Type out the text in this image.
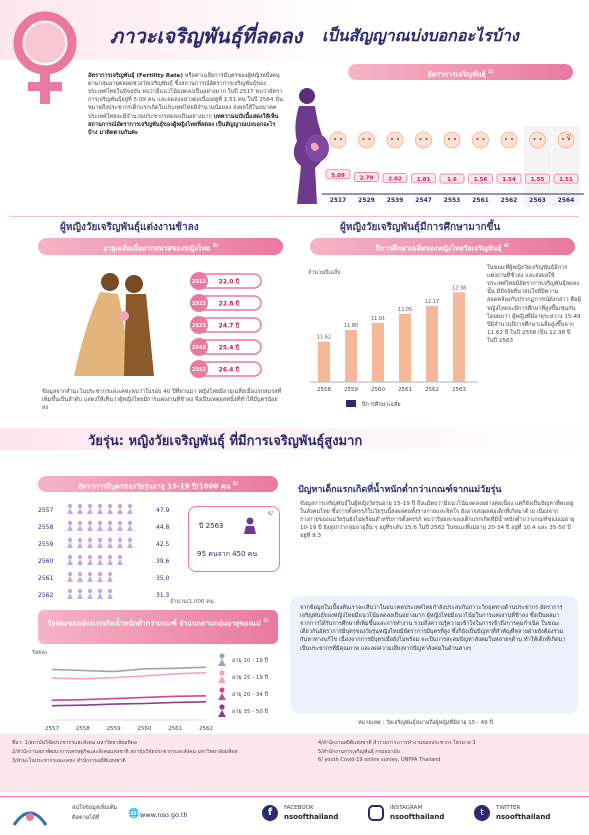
ภาวะเจริญพันธุ์ที่ลดลง เป็นสัญญาณบ่งบอกอะไรบ้าง
อัตราการเจริญพันธุ์ $^{1/}$
อัตราการเจริญพันธุ์ (Fertility Rate) หรือค่าเฉลี่ยการมีบุตรของผู้หญิงหนึ่งคนตามกลุ่มอายุตลอดช่วงวัยเจริญพันธุ์ ซึ่งสถานการณ์อัตราการเจริญพันธุ์ของประเทศไทยในปัจจุบัน พบว่ามีแนวโน้มลดลงเป็นอย่างมาก ในปี 2517 พบว่าอัตราการเจริญพันธุ์อยู่ที่ 5.09 คน และลดลงอย่างต่อเนื่องอยู่ที่ 1.51 คน ในปี 2564 นั่นหมายถึงประชากรเด็กแรกเกิดในประเทศไทยมีจำนวนน้อยลง ส่งผลให้ในอนาคตประเทศไทยจะมีจำนวนประชากรลดลงเป็นอย่างมาก บทความฉบับนี้แสดงให้เห็นสถานการณ์อัตราการเจริญพันธุ์ของผู้หญิงไทยที่ลดลง เป็นสัญญาณบ่งบอกอะไรบ้าง มาติดตามกันค่ะ
5.09
2517
2.79
2529
2.02
2539
1.81
2547
1.6
2553
1.56
2561
1.54
2562
1.55
2563
1.51
2564
2/
ผู้หญิงวัยเจริญพันธุ์แต่งงานช้าลง
อายุเฉลี่ยเมื่อแรกสมรสของหญิงไทย $^{3/}$
2513 22.0 ปี
2523 22.8 ปี
2533 24.7 ปี
2543 25.4 ปี
2553 26.4 ปี
ข้อมูลจากสำมะโนประชากรและเคหะพบว่าในรอบ 40 ปีที่ผ่านมา หญิงไทยมีอายุเฉลี่ยเมื่อแรกสมรสที่เพิ่มขึ้นเป็นลำดับ แสดงให้เห็นว่าผู้หญิงไทยมีการแต่งงานที่ช้าลง จึงเป็นเหตุผลหนึ่งที่ทำให้มีบุตรน้อยลง
ผู้หญิงวัยเจริญพันธุ์มีการศึกษามากขึ้น
ปีการศึกษาเฉลี่ยของหญิงไทยวัยเจริญพันธุ์ $^{4/}$
จำนวนปีเฉลี่ย
11.62
2558
11.80
2559
11.91
2560
12.05
2561
12.17
2562
12.38
2563
ปีการศึกษาเฉลี่ย
ในขณะที่ผู้หญิงวัยเจริญพันธุ์มีการแต่งงานที่ช้าลง และส่งผลให้ประเทศไทยมีอัตราการเจริญพันธุ์ลดลงนั้น มีปัจจัยที่น่าสนใจที่มีความสอดคล้องกับปรากฏการณ์ดังกล่าว คือผู้หญิงไทยจะมีการศึกษาที่สูงขึ้นเช่นกัน โดยพบว่า ผู้หญิงที่มีอายุระหว่าง 15-49 ปีมีจำนวนปีการศึกษาเฉลี่ยสูงขึ้นจาก 11.62 ปี ในปี 2558 เป็น 12.38 ปี ในปี 2563
วัยรุ่น: หญิงวัยเจริญพันธุ์ ที่มีการเจริญพันธุ์สูงมาก
อัตราการมีบุตรของวัยรุ่นอายุ 15-19 ปี/1000 คน $^{5/}$
2557	47.9
2558	44.8
2559	42.5
2560	39.6
2561	35.0
2562	31.3
จำนวน/1,000 คน
ปี 2563
6/
95 คนจาก 450 คน
ร้อยละของเด็กแรกเกิดน้ำหนักต่ำกว่าเกณฑ์ จำแนกตามกลุ่มอายุของแม่ $^{3/}$
ร้อยละ
2557	2558	2559	2560	2561	2562
อายุ 10 - 19 ปี
อายุ 15 - 19 ปี
อายุ 20 - 34 ปี
อายุ 35 - 50 ปี
ปัญหาเด็กแรกเกิดที่น้ำหนักต่ำกว่าเกณฑ์จากแม่วัยรุ่น
ข้อมูลการเจริญพันธุ์ในผู้หญิงวัยรุ่นอายุ 15-19 ปี ถึงแม้พบว่ามีแนวโน้มลดลงอย่างต่อเนื่อง แต่ก็ยังเป็นปัญหาที่พบอยู่ในสังคมไทย ซึ่งการตั้งครรภ์ในวัยรุ่นนี้ส่งผลต่อทั้งร่างกายและจิตใจ ยังอาจส่งผลต่อเด็กที่เกิดมาด้วย เนื่องจากร่างกายของแม่วัยรุ่นยังไม่พร้อมสำหรับการตั้งครรภ์ พบว่าร้อยละของเด็กแรกเกิดที่มีน้ำหนักต่ำกว่าเกณฑ์ของแม่อายุ 10-19 ปี ยังสูงกว่ากลุ่มอายุอื่น ๆ อยู่ที่ระดับ 15.6 ในปี 2562 ในขณะที่แม่อายุ 20-34 ปี อยู่ที่ 10.4 และ 35-50 ปี อยู่ที่ 9.3
จากข้อมูลในเบื้องต้นเราจะเห็นว่าในอนาคตประเทศไทยกำลังประสบกับภาวะวิกฤตทางด้านประชากร อัตราการเจริญพันธุ์ของหญิงไทยมีแนวโน้มลดลงเป็นอย่างมาก ผู้หญิงไทยมีแนวโน้มในการแต่งงานที่ช้าลง ซึ่งเป็นผลมาจากการได้รับการศึกษาที่เพิ่มขึ้นและการทำงาน รวมถึงความรู้ความเข้าใจในการเข้าถึงการคุมกำเนิด ในขณะเดียวกันอัตราการมีบุตรของวัยรุ่นหญิงไทยมีอัตราการมีบุตรที่สูง ซึ่งก็ยังเป็นปัญหาที่สำคัญที่หลายฝ่ายยังต้องร่วมกันหาทางแก้ไข เนื่องจากการมีบุตรเมื่อยังไม่พร้อม จะเป็นการสะสมปัญหาสังคมในหลายๆด้าน ทำให้เด็กที่เกิดมาเป็นประชากรที่มีคุณภาพ และลดความเสี่ยงจากปัญหาสังคมในด้านต่างๆ
หมายเหตุ : วัยเจริญพันธุ์หมายถึงผู้หญิงที่มีอายุ 15 - 49 ปี
ที่มา: 1/สถาบันวิจัยประชากรและสังคม มหาวิทยาลัยมหิดล
2/สำนักงานสภาพัฒนาการเศรษฐกิจและสังคมแห่งชาติ สถาบันวิจัยประชากรและสังคม มหาวิทยาลัยมหิดล
3/สำมะโนประชากรและเคหะ สำนักงานสถิติแห่งชาติ
4/สำนักงานสถิติแห่งชาติ สำรวจภาวะการทำงานของประชากร ไตรมาส 3
5/สำนักงานการเจริญพันธุ์ กรมอนามัย
6/ youth Covid-19 online survey, UNFPA Thailand
สนใจข้อมูลเพิ่มเติม
ติดตามได้ที่	🌐 www.nso.go.th	f	FACEBOOK
nsoofthailand
INSTAGRAM
nsoofthailand	t	TWITTER
nsoofthailand
